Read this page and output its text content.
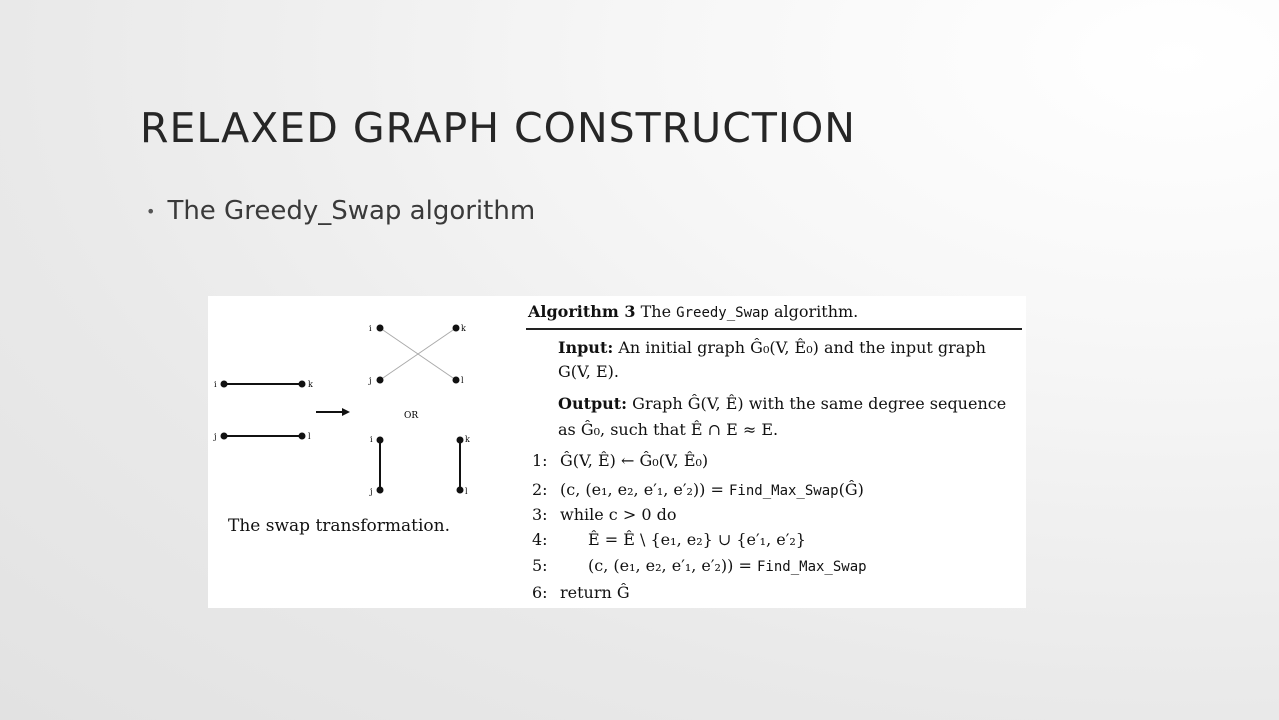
RELAXED GRAPH CONSTRUCTION
• The Greedy_Swap algorithm
i	k
j	l
i	k
j	l
OR
i
j
k
l
The swap transformation.
Algorithm 3 The Greedy_Swap algorithm.
Input: An initial graph Ĝ₀(V, Ê₀) and the input graph
G(V, E).
Output: Graph Ĝ(V, Ê) with the same degree sequence
as Ĝ₀, such that Ê ∩ E ≈ E.
1: Ĝ(V, Ê) ← Ĝ₀(V, Ê₀)
2: (c, (e₁, e₂, e′₁, e′₂)) = Find_Max_Swap(Ĝ)
3: while c > 0 do
4:	Ê = Ê \ {e₁, e₂} ∪ {e′₁, e′₂}
5:	(c, (e₁, e₂, e′₁, e′₂)) = Find_Max_Swap
6: return Ĝ
